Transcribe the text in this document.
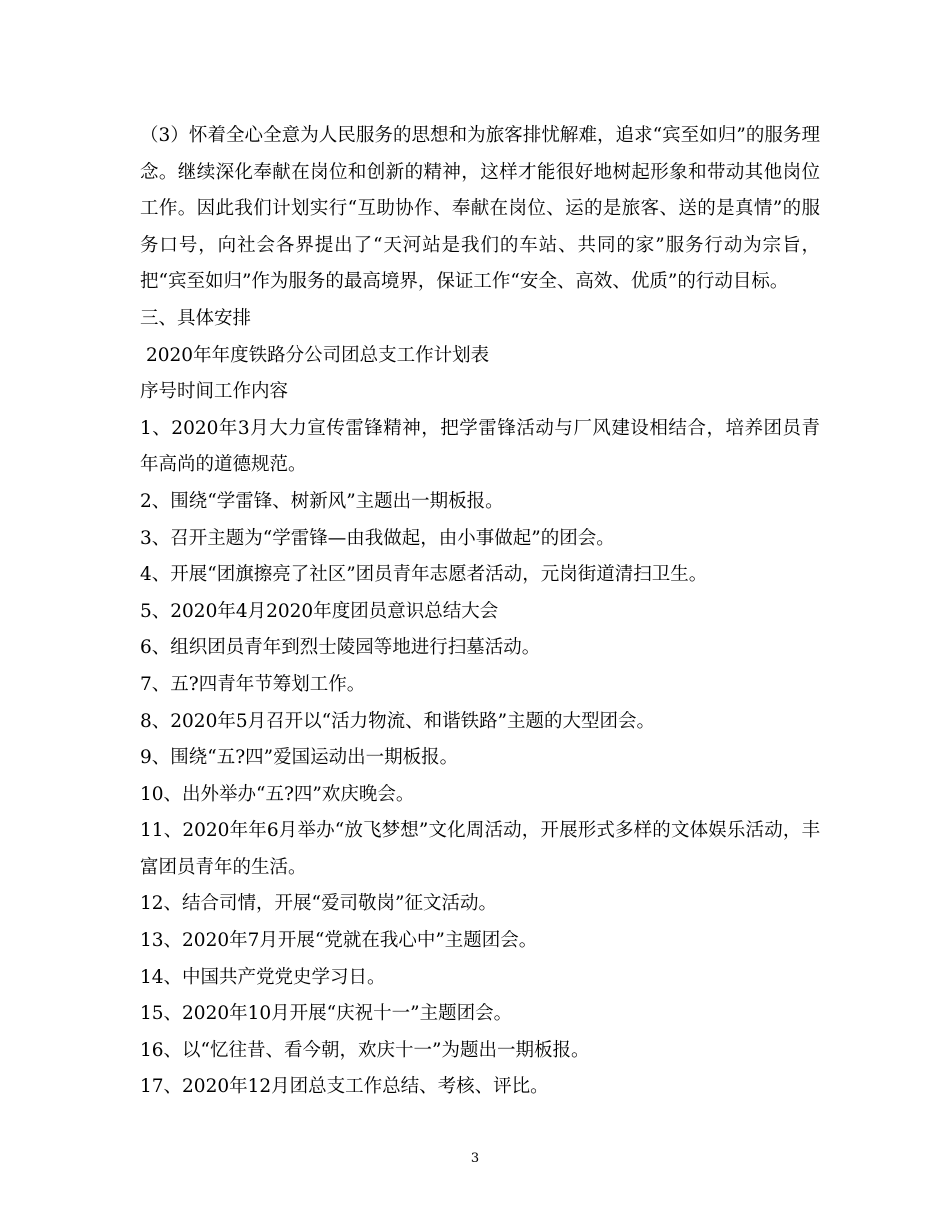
（3）怀着全心全意为人民服务的思想和为旅客排忧解难，追求“宾至如归”的服务理念。继续深化奉献在岗位和创新的精神，这样才能很好地树起形象和带动其他岗位工作。因此我们计划实行“互助协作、奉献在岗位、运的是旅客、送的是真情”的服务口号，向社会各界提出了“天河站是我们的车站、共同的家”服务行动为宗旨，把“宾至如归”作为服务的最高境界，保证工作“安全、高效、优质”的行动目标。

三、具体安排

2020年年度铁路分公司团总支工作计划表

序号时间工作内容

1、2020年3月大力宣传雷锋精神，把学雷锋活动与厂风建设相结合，培养团员青年高尚的道德规范。

2、围绕“学雷锋、树新风”主题出一期板报。

3、召开主题为“学雷锋—由我做起，由小事做起”的团会。

4、开展“团旗擦亮了社区”团员青年志愿者活动，元岗街道清扫卫生。

5、2020年4月2020年度团员意识总结大会

6、组织团员青年到烈士陵园等地进行扫墓活动。

7、五?四青年节筹划工作。

8、2020年5月召开以“活力物流、和谐铁路”主题的大型团会。

9、围绕“五?四”爱国运动出一期板报。

10、出外举办“五?四”欢庆晚会。

11、2020年年6月举办“放飞梦想”文化周活动，开展形式多样的文体娱乐活动，丰富团员青年的生活。

12、结合司情，开展“爱司敬岗”征文活动。

13、2020年7月开展“党就在我心中”主题团会。

14、中国共产党党史学习日。

15、2020年10月开展“庆祝十一”主题团会。

16、以“忆往昔、看今朝，欢庆十一”为题出一期板报。

17、2020年12月团总支工作总结、考核、评比。

3
